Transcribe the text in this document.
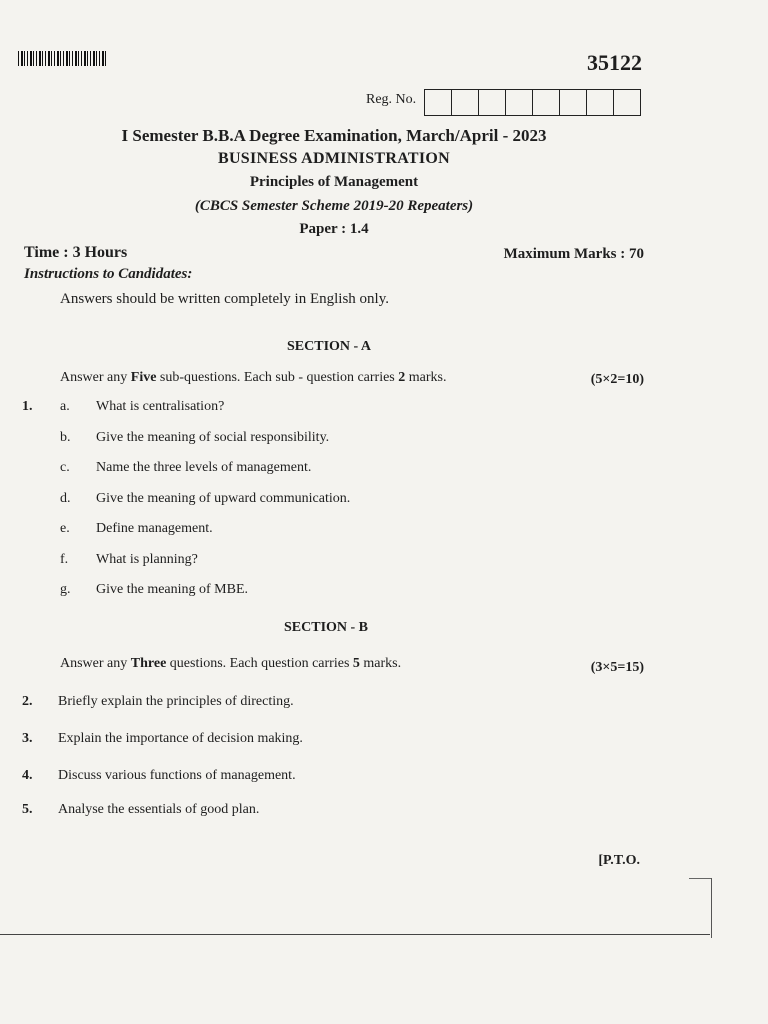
35122
Reg. No.
I Semester B.B.A Degree Examination, March/April - 2023
BUSINESS ADMINISTRATION
Principles of Management
(CBCS Semester Scheme 2019-20 Repeaters)
Paper : 1.4
Time : 3 Hours	Maximum Marks : 70
Instructions to Candidates:
Answers should be written completely in English only.
SECTION - A
Answer any Five sub-questions. Each sub - question carries 2 marks.	(5×2=10)
1. a. What is centralisation?
b. Give the meaning of social responsibility.
c. Name the three levels of management.
d. Give the meaning of upward communication.
e. Define management.
f. What is planning?
g. Give the meaning of MBE.
SECTION - B
Answer any Three questions. Each question carries 5 marks.	(3×5=15)
2. Briefly explain the principles of directing.
3. Explain the importance of decision making.
4. Discuss various functions of management.
5. Analyse the essentials of good plan.
[P.T.O.
